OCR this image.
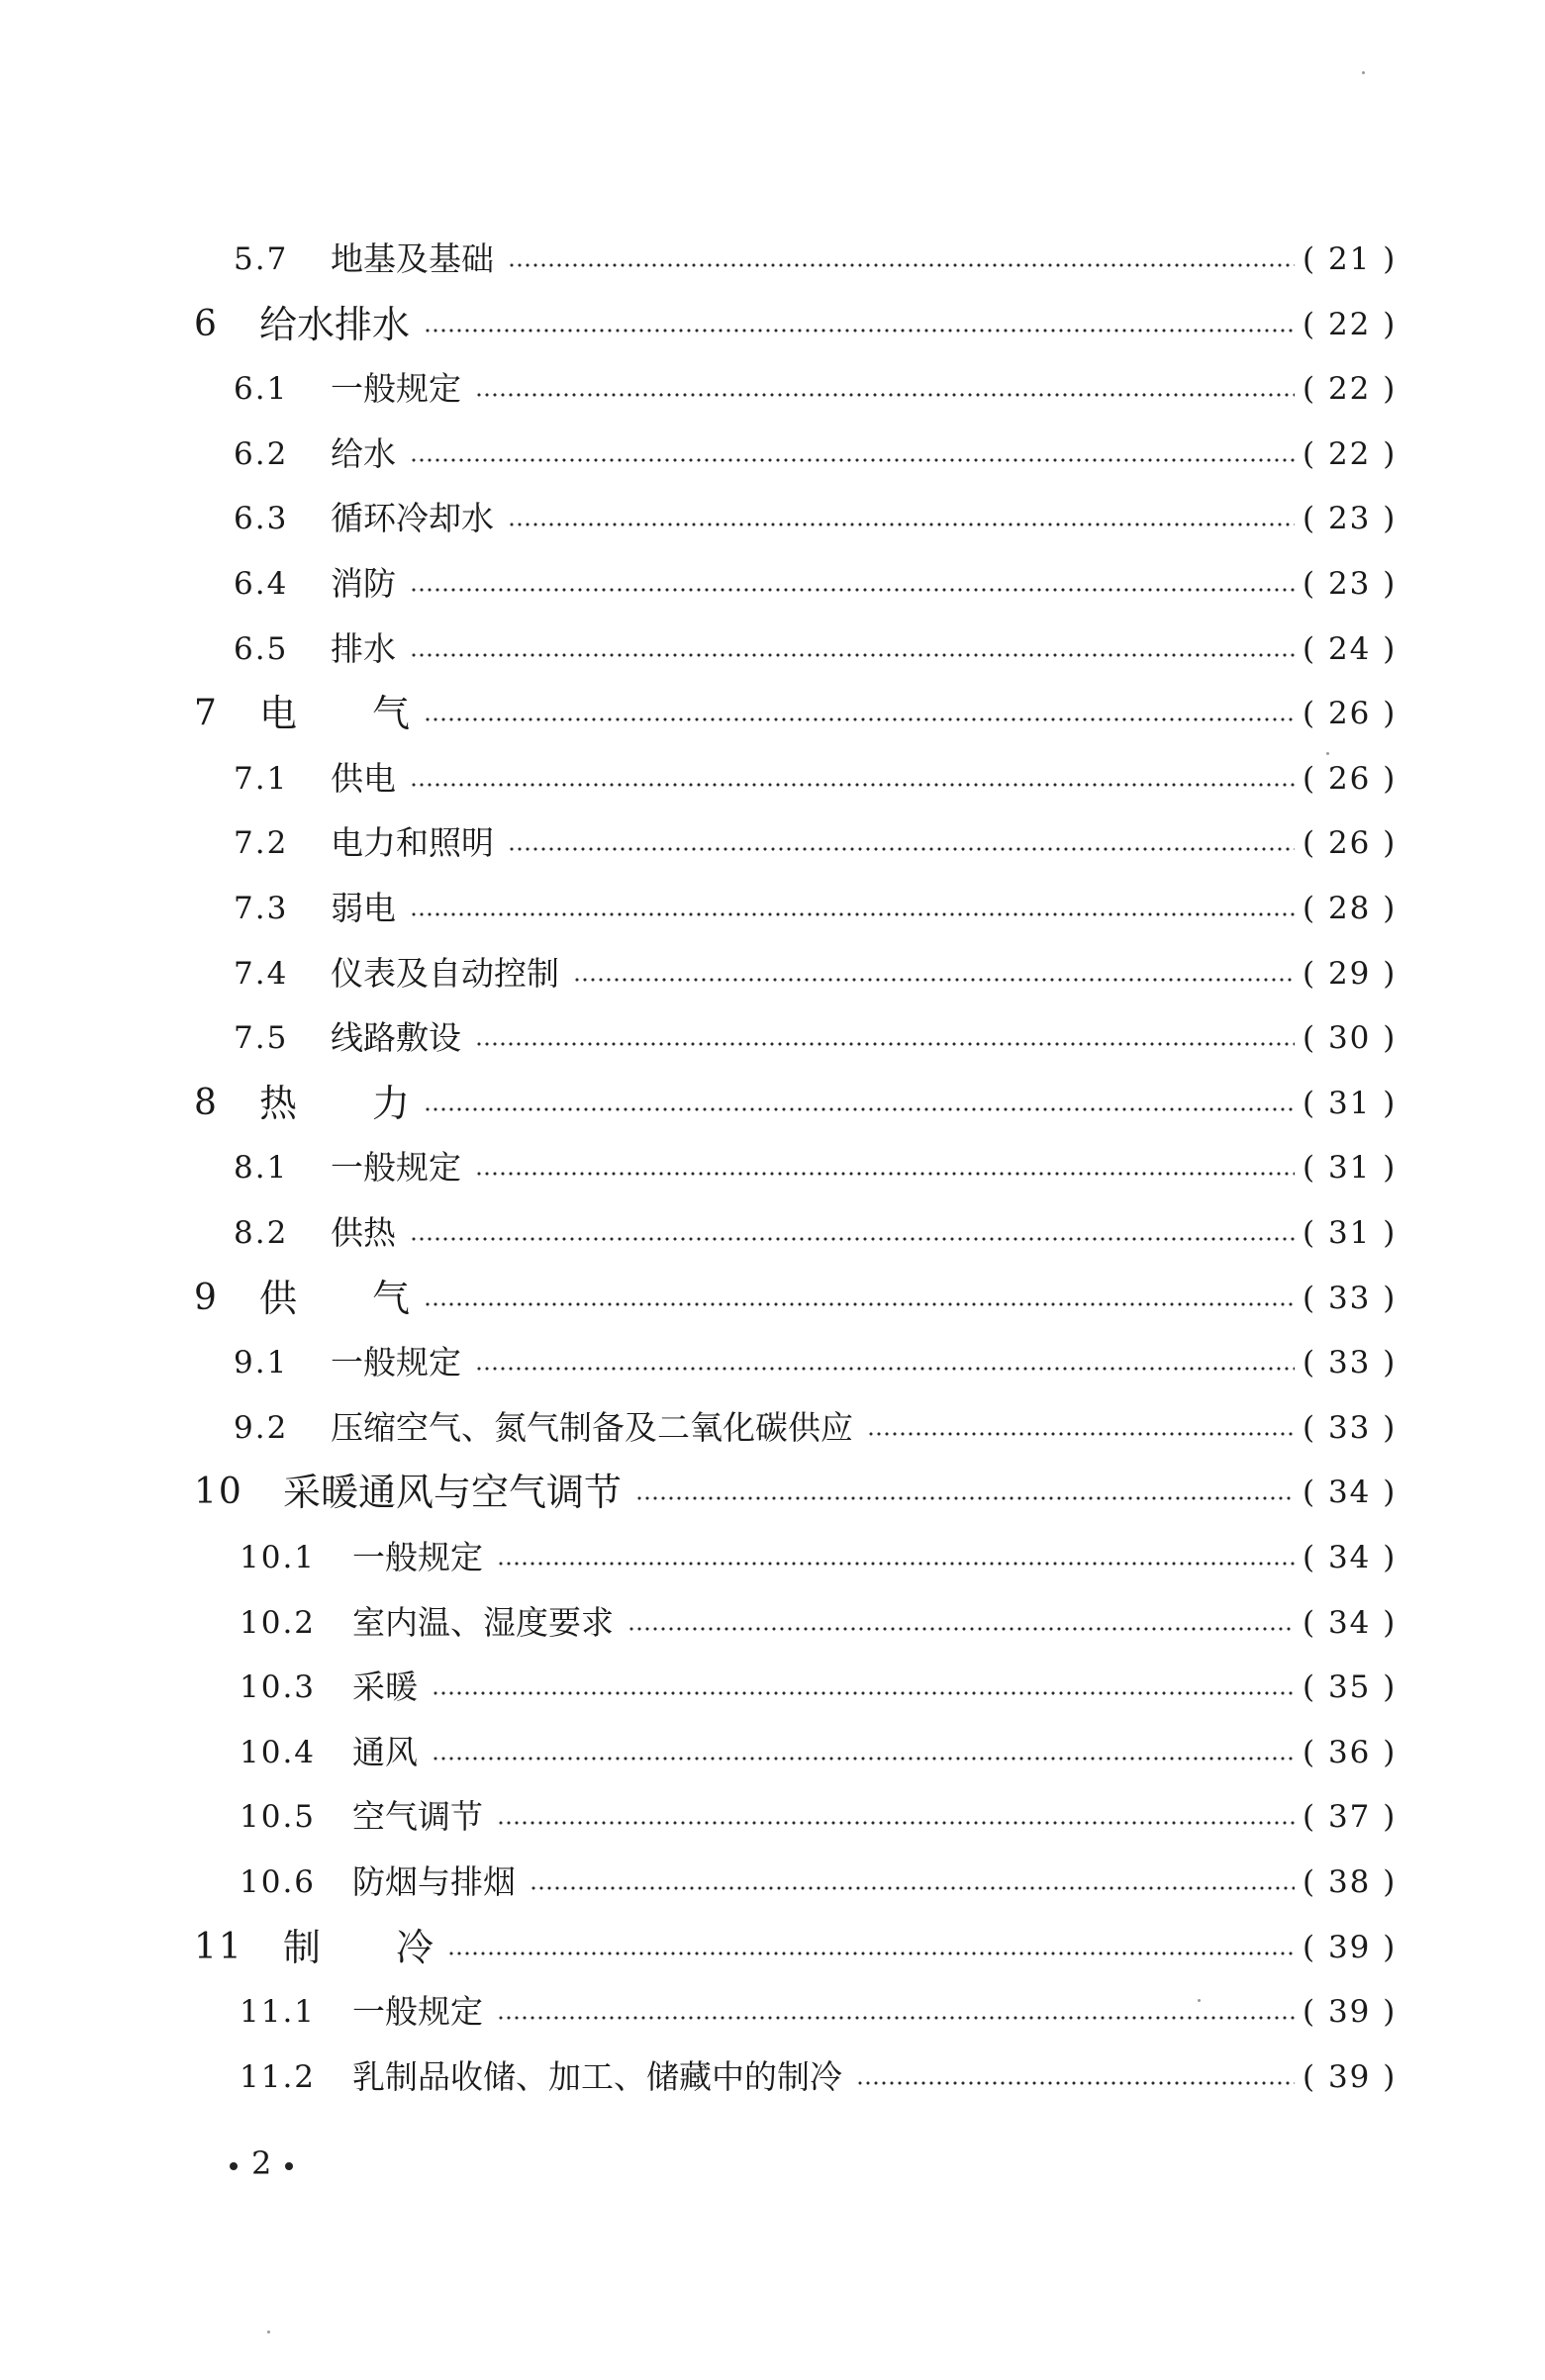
5.7 地基及基础	( 21 )
6 给水排水	( 22 )
6.1 一般规定	( 22 )
6.2 给水	( 22 )
6.3 循环冷却水	( 23 )
6.4 消防	( 23 )
6.5 排水	( 24 )
7 电　　气	( 26 )
7.1 供电	( 26 )
7.2 电力和照明	( 26 )
7.3 弱电	( 28 )
7.4 仪表及自动控制	( 29 )
7.5 线路敷设	( 30 )
8 热　　力	( 31 )
8.1 一般规定	( 31 )
8.2 供热	( 31 )
9 供　　气	( 33 )
9.1 一般规定	( 33 )
9.2 压缩空气、氮气制备及二氧化碳供应	( 33 )
10 采暖通风与空气调节	( 34 )
10.1 一般规定	( 34 )
10.2 室内温、湿度要求	( 34 )
10.3 采暖	( 35 )
10.4 通风	( 36 )
10.5 空气调节	( 37 )
10.6 防烟与排烟	( 38 )
11 制　　冷	( 39 )
11.1 一般规定	( 39 )
11.2 乳制品收储、加工、储藏中的制冷	( 39 )
2
